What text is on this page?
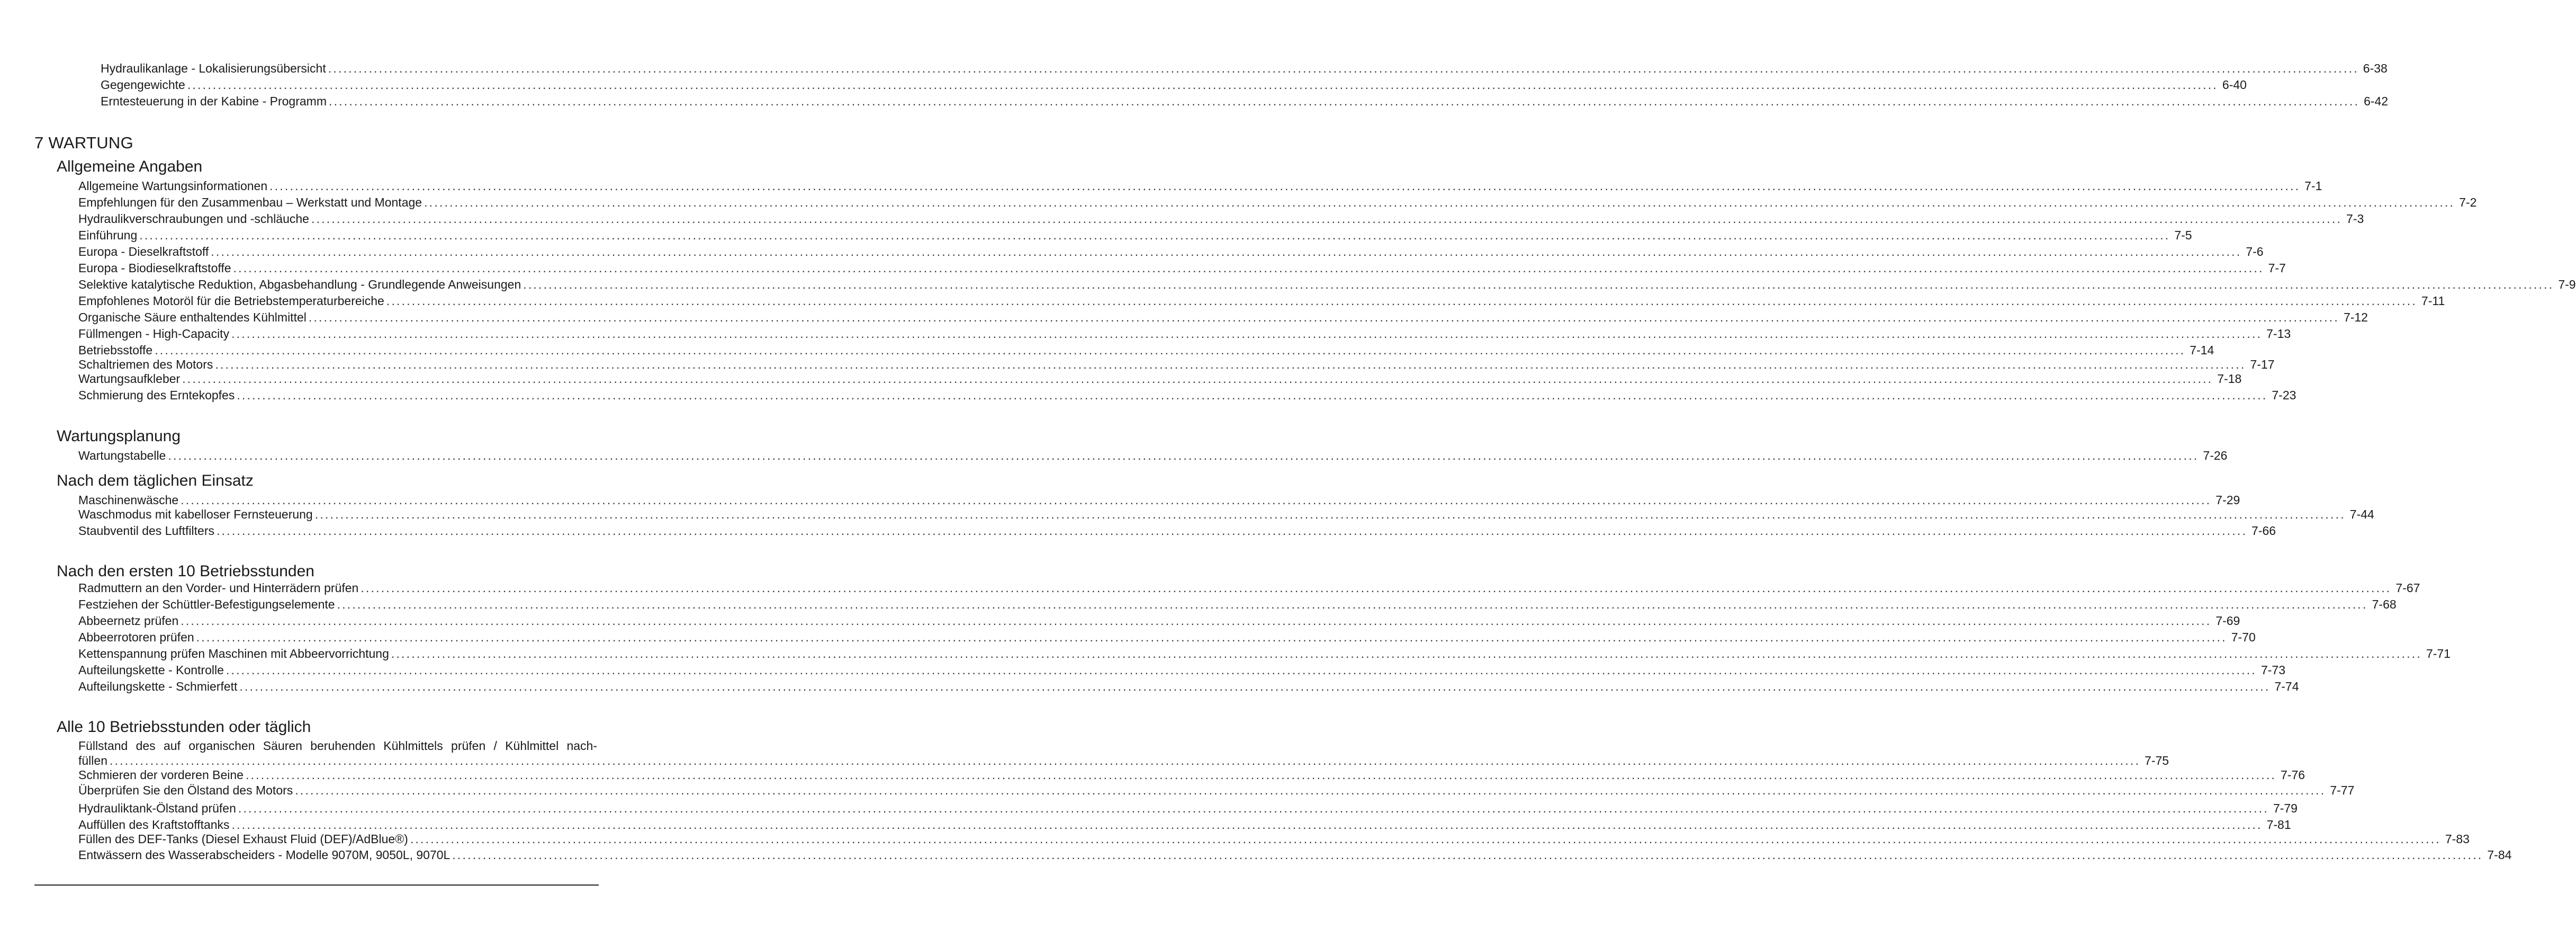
Hydraulikanlage - Lokalisierungsübersicht ................................................................................................................................................................................................................................................................................................................................................................................................................ 6-38
Gegengewichte ................................................................................................................................................................................................................................................................................................................................................................................................................ 6-40
Erntesteuerung in der Kabine - Programm ................................................................................................................................................................................................................................................................................................................................................................................................................ 6-42
7 WARTUNG
Allgemeine Angaben
Allgemeine Wartungsinformationen ................................................................................................................................................................................................................................................................................................................................................................................................................ 7-1
Empfehlungen für den Zusammenbau – Werkstatt und Montage ................................................................................................................................................................................................................................................................................................................................................................................................................ 7-2
Hydraulikverschraubungen und -schläuche ................................................................................................................................................................................................................................................................................................................................................................................................................ 7-3
Einführung ................................................................................................................................................................................................................................................................................................................................................................................................................ 7-5
Europa - Dieselkraftstoff ................................................................................................................................................................................................................................................................................................................................................................................................................ 7-6
Europa - Biodieselkraftstoffe ................................................................................................................................................................................................................................................................................................................................................................................................................ 7-7
Selektive katalytische Reduktion, Abgasbehandlung - Grundlegende Anweisungen ................................................................................................................................................................................................................................................................................................................................................................................................................ 7-9
Empfohlenes Motoröl für die Betriebstemperaturbereiche ................................................................................................................................................................................................................................................................................................................................................................................................................ 7-11
Organische Säure enthaltendes Kühlmittel ................................................................................................................................................................................................................................................................................................................................................................................................................ 7-12
Füllmengen - High-Capacity ................................................................................................................................................................................................................................................................................................................................................................................................................ 7-13
Betriebsstoffe ................................................................................................................................................................................................................................................................................................................................................................................................................ 7-14
Schaltriemen des Motors ................................................................................................................................................................................................................................................................................................................................................................................................................ 7-17
Wartungsaufkleber ................................................................................................................................................................................................................................................................................................................................................................................................................ 7-18
Schmierung des Erntekopfes ................................................................................................................................................................................................................................................................................................................................................................................................................ 7-23
Wartungsplanung
Wartungstabelle ................................................................................................................................................................................................................................................................................................................................................................................................................ 7-26
Nach dem täglichen Einsatz
Maschinenwäsche ................................................................................................................................................................................................................................................................................................................................................................................................................ 7-29
Waschmodus mit kabelloser Fernsteuerung ................................................................................................................................................................................................................................................................................................................................................................................................................ 7-44
Staubventil des Luftfilters ................................................................................................................................................................................................................................................................................................................................................................................................................ 7-66
Nach den ersten 10 Betriebsstunden
Radmuttern an den Vorder- und Hinterrädern prüfen ................................................................................................................................................................................................................................................................................................................................................................................................................ 7-67
Festziehen der Schüttler-Befestigungselemente ................................................................................................................................................................................................................................................................................................................................................................................................................ 7-68
Abbeernetz prüfen ................................................................................................................................................................................................................................................................................................................................................................................................................ 7-69
Abbeerrotoren prüfen ................................................................................................................................................................................................................................................................................................................................................................................................................ 7-70
Kettenspannung prüfen Maschinen mit Abbeervorrichtung ................................................................................................................................................................................................................................................................................................................................................................................................................ 7-71
Aufteilungskette - Kontrolle ................................................................................................................................................................................................................................................................................................................................................................................................................ 7-73
Aufteilungskette - Schmierfett ................................................................................................................................................................................................................................................................................................................................................................................................................ 7-74
Alle 10 Betriebsstunden oder täglich
Füllstand des auf organischen Säuren beruhenden Kühlmittels prüfen / Kühlmittel nach-
füllen ................................................................................................................................................................................................................................................................................................................................................................................................................ 7-75
Schmieren der vorderen Beine ................................................................................................................................................................................................................................................................................................................................................................................................................ 7-76
Überprüfen Sie den Ölstand des Motors ................................................................................................................................................................................................................................................................................................................................................................................................................ 7-77
Hydrauliktank-Ölstand prüfen ................................................................................................................................................................................................................................................................................................................................................................................................................ 7-79
Auffüllen des Kraftstofftanks ................................................................................................................................................................................................................................................................................................................................................................................................................ 7-81
Füllen des DEF-Tanks (Diesel Exhaust Fluid (DEF)/AdBlue®) ................................................................................................................................................................................................................................................................................................................................................................................................................ 7-83
Entwässern des Wasserabscheiders - Modelle 9070M, 9050L, 9070L ................................................................................................................................................................................................................................................................................................................................................................................................................ 7-84
